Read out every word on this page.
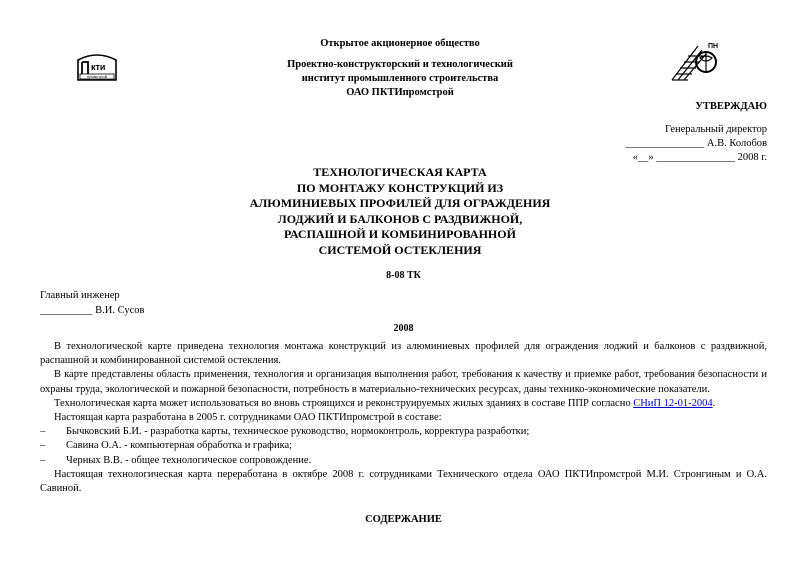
кти
промстрой
ПН
Открытое акционерное общество
Проектно-конструкторский и технологический
институт промышленного строительства
ОАО ПКТИпромстрой
УТВЕРЖДАЮ
Генеральный директор
_______________ А.В. Колобов
«__» _______________ 2008 г.
ТЕХНОЛОГИЧЕСКАЯ КАРТА
ПО МОНТАЖУ КОНСТРУКЦИЙ ИЗ
АЛЮМИНИЕВЫХ ПРОФИЛЕЙ ДЛЯ ОГРАЖДЕНИЯ
ЛОДЖИЙ И БАЛКОНОВ С РАЗДВИЖНОЙ,
РАСПАШНОЙ И КОМБИНИРОВАННОЙ
СИСТЕМОЙ ОСТЕКЛЕНИЯ
8-08 ТК
Главный инженер
__________ В.И. Сусов
2008

В технологической карте приведена технология монтажа конструкций из алюминиевых профилей для ограждения лоджий и балконов с раздвижной, распашной и комбинированной системой остекления.

В карте представлены область применения, технология и организация выполнения работ, требования к качеству и приемке работ, требования безопасности и охраны труда, экологической и пожарной безопасности, потребность в материально-технических ресурсах, даны технико-экономические показатели.

Технологическая карта может использоваться во вновь строящихся и реконструируемых жилых зданиях в составе ППР согласно СНиП 12-01-2004.

Настоящая карта разработана в 2005 г. сотрудниками ОАО ПКТИпромстрой в составе:

–	Бычковский Б.И. - разработка карты, техническое руководство, нормоконтроль, корректура разработки;

–	Савина О.А. - компьютерная обработка и графика;

–	Черных В.В. - общее технологическое сопровождение.

Настоящая технологическая карта переработана в октябре 2008 г. сотрудниками Технического отдела ОАО ПКТИпромстрой М.И. Стронгиным и О.А. Савиной.

СОДЕРЖАНИЕ
